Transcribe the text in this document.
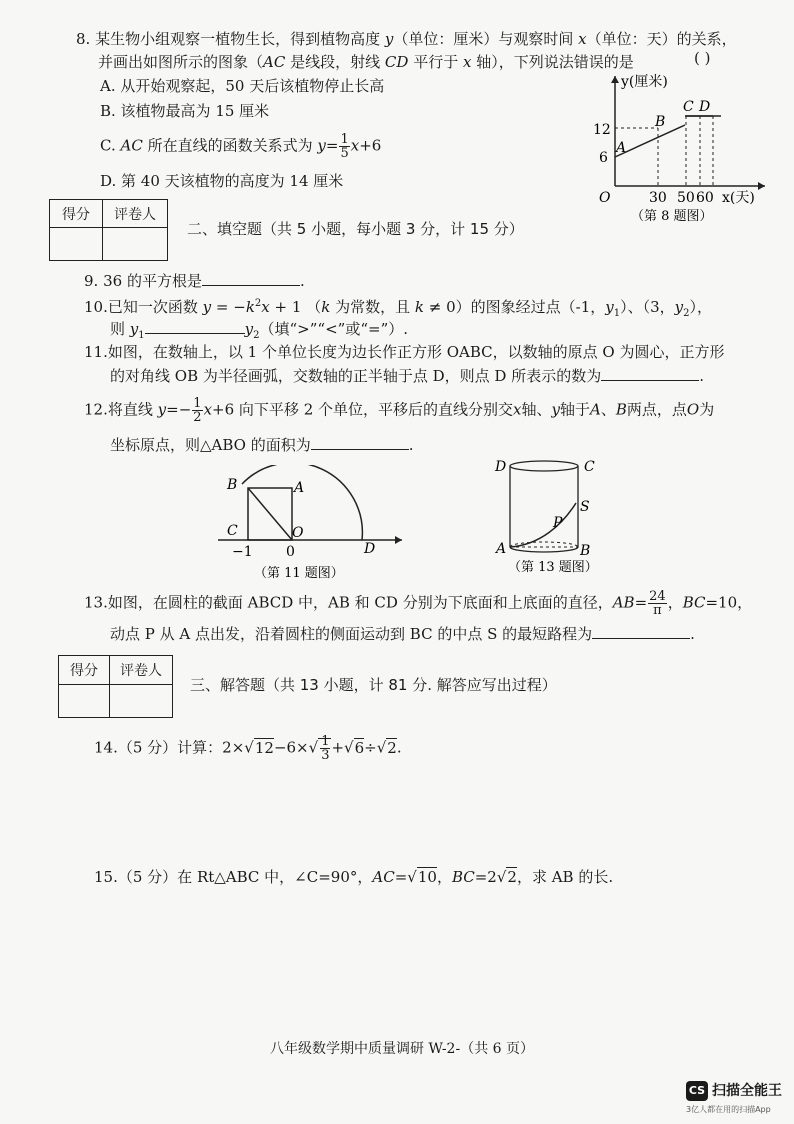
8. 某生物小组观察一植物生长，得到植物高度 y（单位：厘米）与观察时间 x（单位：天）的关系，
( )
并画出如图所示的图象（AC 是线段，射线 CD 平行于 x 轴），下列说法错误的是
A. 从开始观察起，50 天后该植物停止长高
B. 该植物最高为 15 厘米
C. AC 所在直线的函数关系式为 $y= \frac{1}{5} x+6$
D. 第 40 天该植物的高度为 14 厘米
y(厘米)
12
6
O	30 50 60 x(天)
A
B
C D
（第 8 题图）
得分	评卷人

二、填空题（共 5 小题，每小题 3 分，计 15 分）
9. 36 的平方根是	.
10.已知一次函数 $y = -k^2x + 1$ （k 为常数，且 k ≠ 0）的图象经过点（-1，$y_1$）、（3，$y_2$），
则 $y_1$	$y_2$（填“>”“<”或“=”）.
11.如图，在数轴上，以 1 个单位长度为边长作正方形 OABC，以数轴的原点 O 为圆心，正方形
的对角线 OB 为半径画弧，交数轴的正半轴于点 D，则点 D 所表示的数为	.
12.将直线 $y=- \frac{1}{2} x+6$ 向下平移 2 个单位，平移后的直线分别交x轴、y轴于A、B两点，点O为
坐标原点，则△ABO 的面积为	.
B	A
C	O
D
−1 0
（第 11 题图）
D	C
S
P
A	B
（第 13 题图）
13.如图，在圆柱的截面 ABCD 中，AB 和 CD 分别为下底面和上底面的直径，$AB= \frac{24}{\pi}$ ，BC=10，
动点 P 从 A 点出发，沿着圆柱的侧面运动到 BC 的中点 S 的最短路程为	.
得分	评卷人

三、解答题（共 13 小题，计 81 分. 解答应写出过程）
14.（5 分）计算：$2\times√12-6\times√ \frac{1}{3} +√6\div√2$.
15.（5 分）在 Rt△ABC 中，∠C=90°，AC=√10，BC=2√2，求 AB 的长.
八年级数学期中质量调研 W-2-（共 6 页）
CS 扫描全能王
3亿人都在用的扫描App
